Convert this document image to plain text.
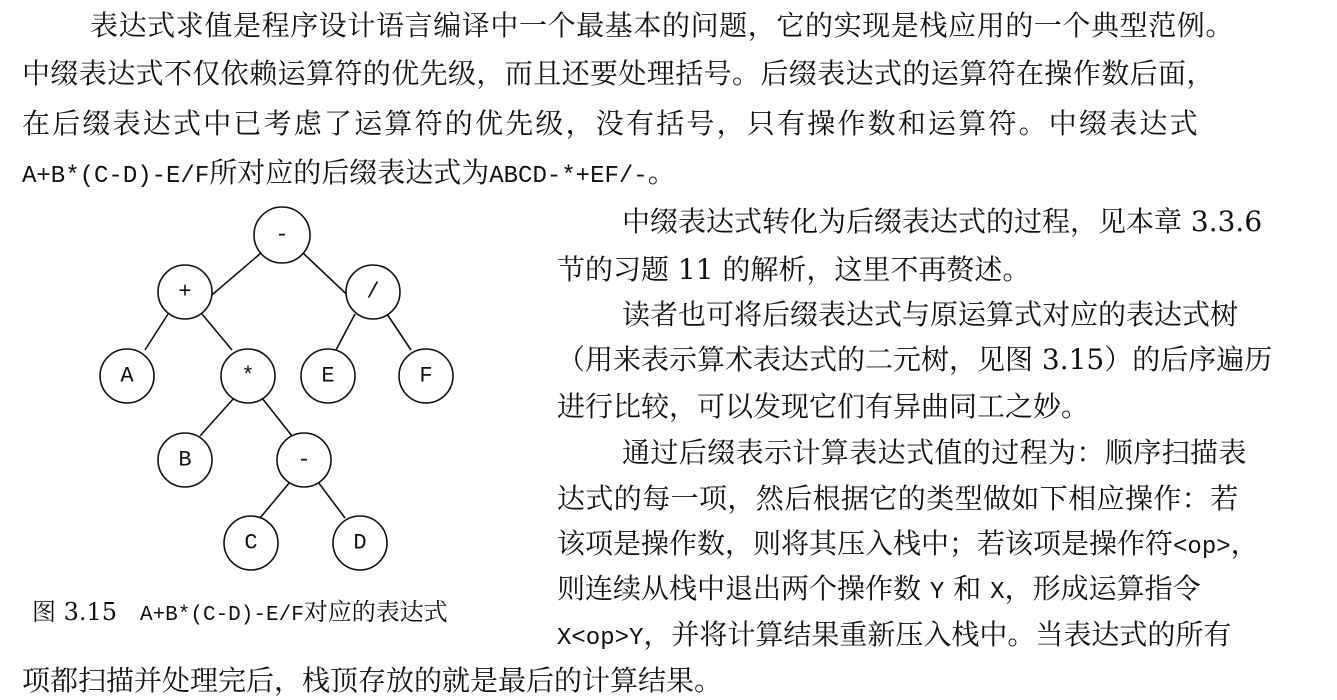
表达式求值是程序设计语言编译中一个最基本的问题，它的实现是栈应用的一个典型范例。
中缀表达式不仅依赖运算符的优先级，而且还要处理括号。后缀表达式的运算符在操作数后面，
在后缀表达式中已考虑了运算符的优先级，没有括号，只有操作数和运算符。中缀表达式
A+B*(C-D)-E/F所对应的后缀表达式为ABCD-*+EF/-。
-
+	/
A	*	E	F
B	-
C	D
图 3.15 A+B*(C-D)-E/F对应的表达式
中缀表达式转化为后缀表达式的过程，见本章 3.3.6
节的习题 11 的解析，这里不再赘述。
读者也可将后缀表达式与原运算式对应的表达式树
（用来表示算术表达式的二元树，见图 3.15）的后序遍历
进行比较，可以发现它们有异曲同工之妙。
通过后缀表示计算表达式值的过程为：顺序扫描表
达式的每一项，然后根据它的类型做如下相应操作：若
该项是操作数，则将其压入栈中；若该项是操作符<op>，
则连续从栈中退出两个操作数 Y 和 X，形成运算指令
X<op>Y，并将计算结果重新压入栈中。当表达式的所有
项都扫描并处理完后，栈顶存放的就是最后的计算结果。
